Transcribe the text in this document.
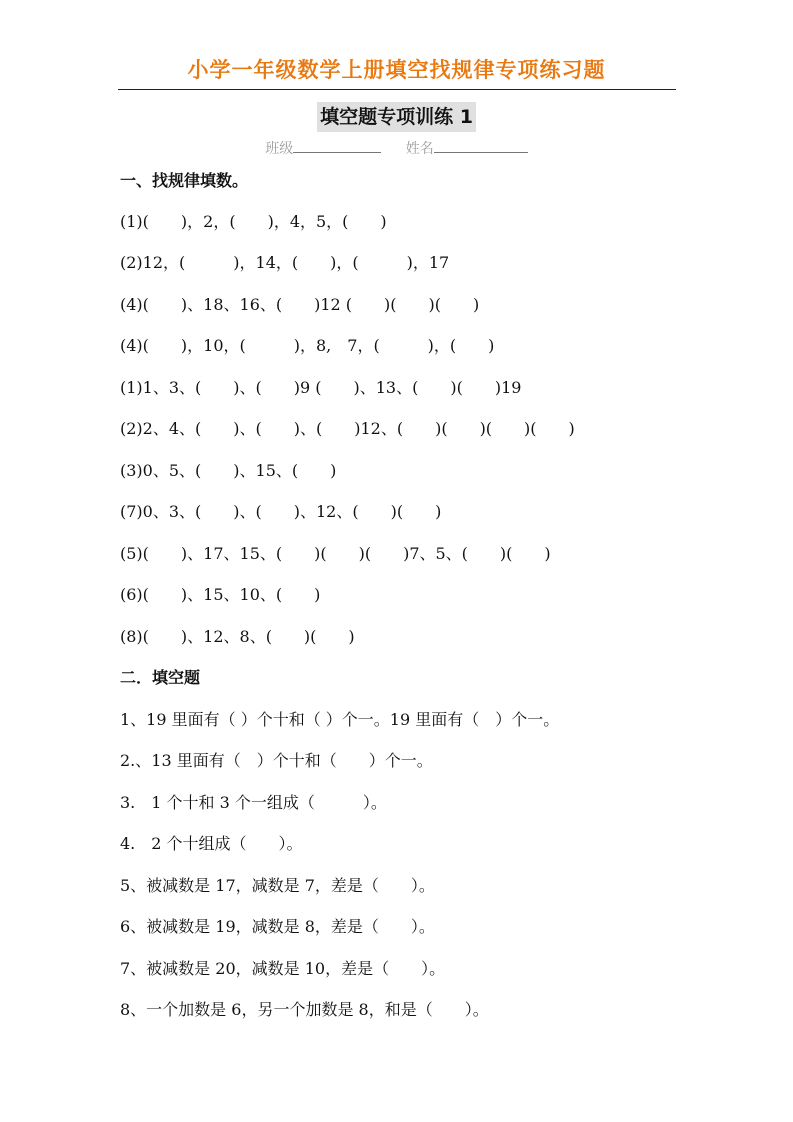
小学一年级数学上册填空找规律专项练习题
填空题专项训练 1
班级	姓名
一、找规律填数。
(1)(　　)，2，(　　)，4，5，(　　)
(2)12，(　　　)，14，(　　)，(　　　)，17
(4)(　　)、18、16、(　　)12 (　　)(　　)(　　)
(4)(　　)，10，(　　　)，8,　7，(　　　)，(　　)
(1)1、3、(　　)、(　　)9 (　　)、13、(　　)(　　)19
(2)2、4、(　　)、(　　)、(　　)12、(　　)(　　)(　　)(　　)
(3)0、5、(　　)、15、(　　)
(7)0、3、(　　)、(　　)、12、(　　)(　　)
(5)(　　)、17、15、(　　)(　　)(　　)7、5、(　　)(　　)
(6)(　　)、15、10、(　　)
(8)(　　)、12、8、(　　)(　　)
二．填空题
1、19 里面有（ ）个十和（ ）个一。19 里面有（　）个一。
2.、13 里面有（　）个十和（　　）个一。
3.　1 个十和 3 个一组成（　　　）。
4.　2 个十组成（　　）。
5、被减数是 17，减数是 7，差是（　　）。
6、被减数是 19，减数是 8，差是（　　）。
7、被减数是 20，减数是 10，差是（　　）。
8、一个加数是 6，另一个加数是 8，和是（　　）。
